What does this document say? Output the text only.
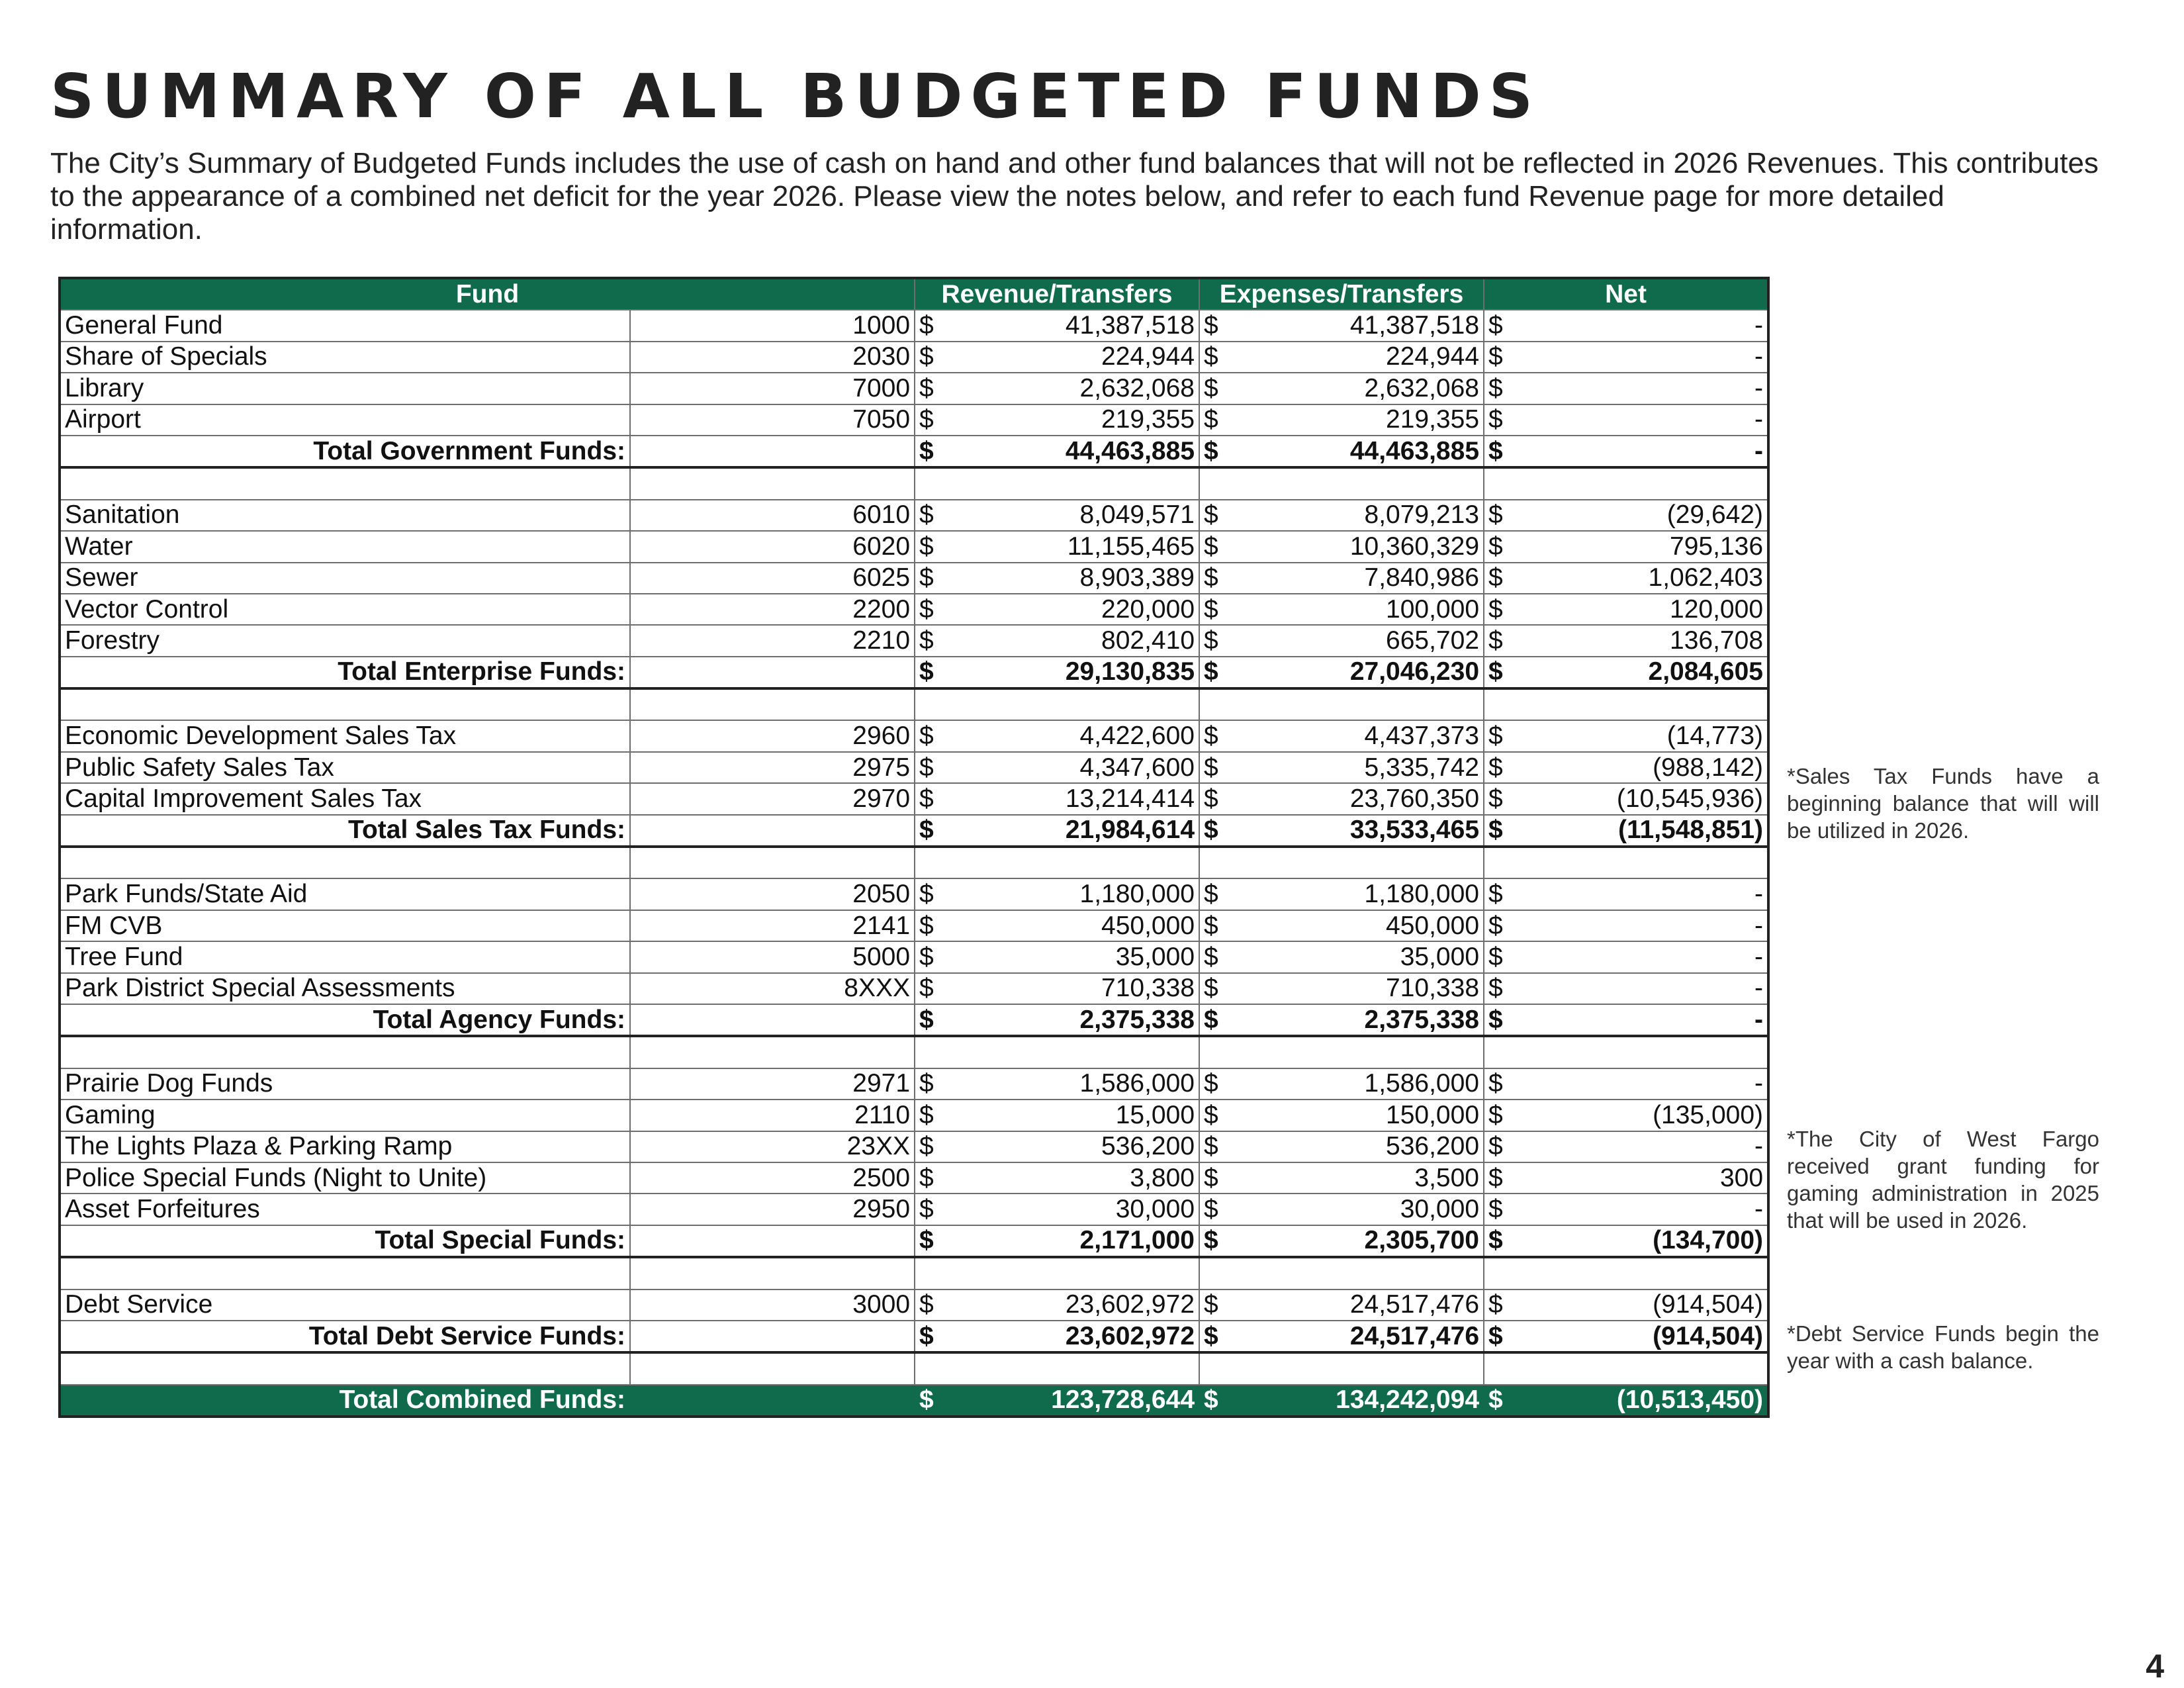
SUMMARY OF ALL BUDGETED FUNDS

The City’s Summary of Budgeted Funds includes the use of cash on hand and other fund balances that will not be reflected in 2026 Revenues. This contributes to the appearance of a combined net deficit for the year 2026. Please view the notes below, and refer to each fund Revenue page for more detailed information.

Fund		Revenue/Transfers	Expenses/Transfers	Net
General Fund	1000	$ 41,387,518	$ 41,387,518	$ -

Share of Specials	2030	$ 224,944	$ 224,944	$ -

Library	7000	$ 2,632,068	$ 2,632,068	$ -

Airport	7050	$ 219,355	$ 219,355	$ -

Total Government Funds:		$ 44,463,885	$ 44,463,885	$ -

Sanitation	6010	$ 8,049,571	$ 8,079,213	$ (29,642)

Water	6020	$ 11,155,465	$ 10,360,329	$ 795,136

Sewer	6025	$ 8,903,389	$ 7,840,986	$ 1,062,403

Vector Control	2200	$ 220,000	$ 100,000	$ 120,000

Forestry	2210	$ 802,410	$ 665,702	$ 136,708

Total Enterprise Funds:		$ 29,130,835	$ 27,046,230	$ 2,084,605

Economic Development Sales Tax	2960	$ 4,422,600	$ 4,437,373	$ (14,773)

Public Safety Sales Tax	2975	$ 4,347,600	$ 5,335,742	$ (988,142)

Capital Improvement Sales Tax	2970	$ 13,214,414	$ 23,760,350	$ (10,545,936)

Total Sales Tax Funds:		$ 21,984,614	$ 33,533,465	$ (11,548,851)

Park Funds/State Aid	2050	$ 1,180,000	$ 1,180,000	$ -

FM CVB	2141	$ 450,000	$ 450,000	$ -

Tree Fund	5000	$ 35,000	$ 35,000	$ -

Park District Special Assessments	8XXX	$ 710,338	$ 710,338	$ -

Total Agency Funds:		$ 2,375,338	$ 2,375,338	$ -

Prairie Dog Funds	2971	$ 1,586,000	$ 1,586,000	$ -

Gaming	2110	$ 15,000	$ 150,000	$ (135,000)

The Lights Plaza & Parking Ramp	23XX	$ 536,200	$ 536,200	$ -

Police Special Funds (Night to Unite)	2500	$ 3,800	$ 3,500	$ 300

Asset Forfeitures	2950	$ 30,000	$ 30,000	$ -

Total Special Funds:		$ 2,171,000	$ 2,305,700	$ (134,700)

Debt Service	3000	$ 23,602,972	$ 24,517,476	$ (914,504)

Total Debt Service Funds:		$ 23,602,972	$ 24,517,476	$ (914,504)

Total Combined Funds:		$ 123,728,644	$ 134,242,094	$ (10,513,450)

*Sales Tax Funds have a beginning balance that will will be utilized in 2026.

*The City of West Fargo received grant funding for gaming administration in 2025 that will be used in 2026.

*Debt Service Funds begin the year with a cash balance.

4
